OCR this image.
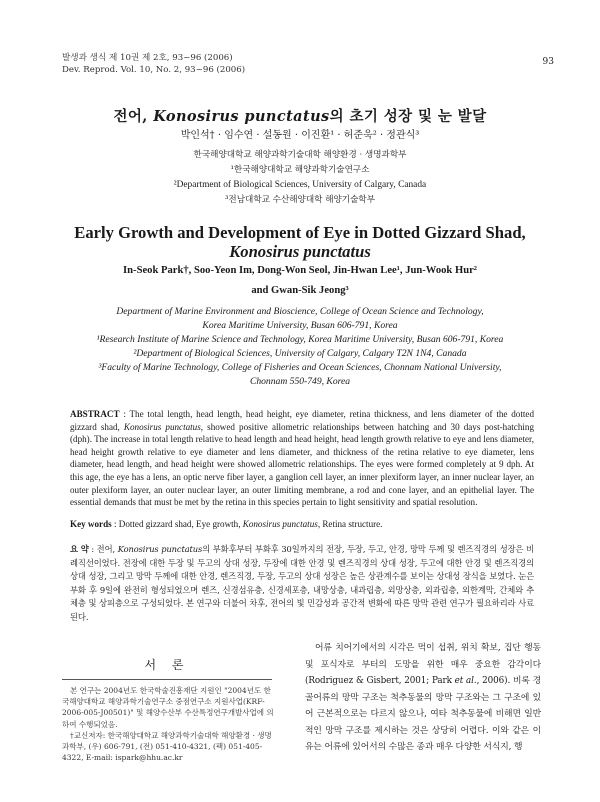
발생과 생식 제 10권 제 2호, 93~96 (2006)
Dev. Reprod. Vol. 10, No. 2, 93~96 (2006)
93
전어, Konosirus punctatus의 초기 성장 및 눈 발달
박인석† · 임수연 · 설동원 · 이진환¹ · 허준욱² · 정관식³
한국해양대학교 해양과학기술대학 해양환경 · 생명과학부
¹한국해양대학교 해양과학기술연구소
²Department of Biological Sciences, University of Calgary, Canada
³전남대학교 수산해양대학 해양기술학부
Early Growth and Development of Eye in Dotted Gizzard Shad,
Konosirus punctatus
In-Seok Park†, Soo-Yeon Im, Dong-Won Seol, Jin-Hwan Lee¹, Jun-Wook Hur²
and Gwan-Sik Jeong³
Department of Marine Environment and Bioscience, College of Ocean Science and Technology,
Korea Maritime University, Busan 606-791, Korea
¹Research Institute of Marine Science and Technology, Korea Maritime University, Busan 606-791, Korea
²Department of Biological Sciences, University of Calgary, Calgary T2N 1N4, Canada
³Faculty of Marine Technology, College of Fisheries and Ocean Sciences, Chonnam National University,
Chonnam 550-749, Korea
ABSTRACT : The total length, head length, head height, eye diameter, retina thickness, and lens diameter of the dotted gizzard shad, Konosirus punctatus, showed positive allometric relationships between hatching and 30 days post-hatching (dph). The increase in total length relative to head length and head height, head length growth relative to eye and lens diameter, head height growth relative to eye diameter and lens diameter, and thickness of the retina relative to eye diameter, lens diameter, head length, and head height were showed allometric relationships. The eyes were formed completely at 9 dph. At this age, the eye has a lens, an optic nerve fiber layer, a ganglion cell layer, an inner plexiform layer, an inner nuclear layer, an outer plexiform layer, an outer nuclear layer, an outer limiting membrane, a rod and cone layer, and an epithelial layer. The essential demands that must be met by the retina in this species pertain to light sensitivity and spatial resolution.
Key words : Dotted gizzard shad, Eye growth, Konosirus punctatus, Retina structure.
요 약 : 전어, Konosirus punctatus의 부화후부터 부화후 30일까지의 전장, 두장, 두고, 안경, 망막 두께 및 렌즈직경의 성장은 비례직선이었다. 전장에 대한 두장 및 두고의 상대 성장, 두장에 대한 안경 및 렌즈직경의 상대 성장, 두고에 대한 안경 및 렌즈직경의 상대 성장, 그리고 망막 두께에 대한 안경, 렌즈직경, 두장, 두고의 상대 성장은 높은 상관계수를 보이는 상대성 장식을 보였다. 눈은 부화 후 9일에 완전히 형성되었으며 렌즈, 신경섬유층, 신경세포층, 내망상층, 내과립층, 외망상층, 외과립층, 외한계막, 간체와 추체층 및 상피층으로 구성되었다. 본 연구와 더불어 차후, 전어의 빛 민감성과 공간적 변화에 따른 망막 관련 연구가 필요하리라 사료된다.
서 론

본 연구는 2004년도 한국학술진흥재단 지원인 "2004년도 한국해양대학교 해양과학기술연구소 중점연구소 지원사업(KRF-2006-005-J00501)" 및 해양수산부 수산특정연구개발사업에 의하여 수행되었음.

†교신저자: 한국해양대학교 해양과학기술대학 해양환경 · 생명과학부, (우) 606-791, (전) 051-410-4321, (팩) 051-405-4322, E-mail: ispark@hhu.ac.kr

어류 치어기에서의 시각은 먹이 섭취, 위치 확보, 집단 행동 및 포식자로 부터의 도망을 위한 매우 중요한 감각이다 (Rodriguez & Gisbert, 2001; Park et al., 2006). 비록 경골어류의 망막 구조는 척추동물의 망막 구조와는 그 구조에 있어 근본적으로는 다르지 않으나, 여타 척추동물에 비해면 일반적인 망막 구조를 제시하는 것은 상당히 어렵다. 이와 같은 이유는 어류에 있어서의 수많은 종과 매우 다양한 서식지, 행
